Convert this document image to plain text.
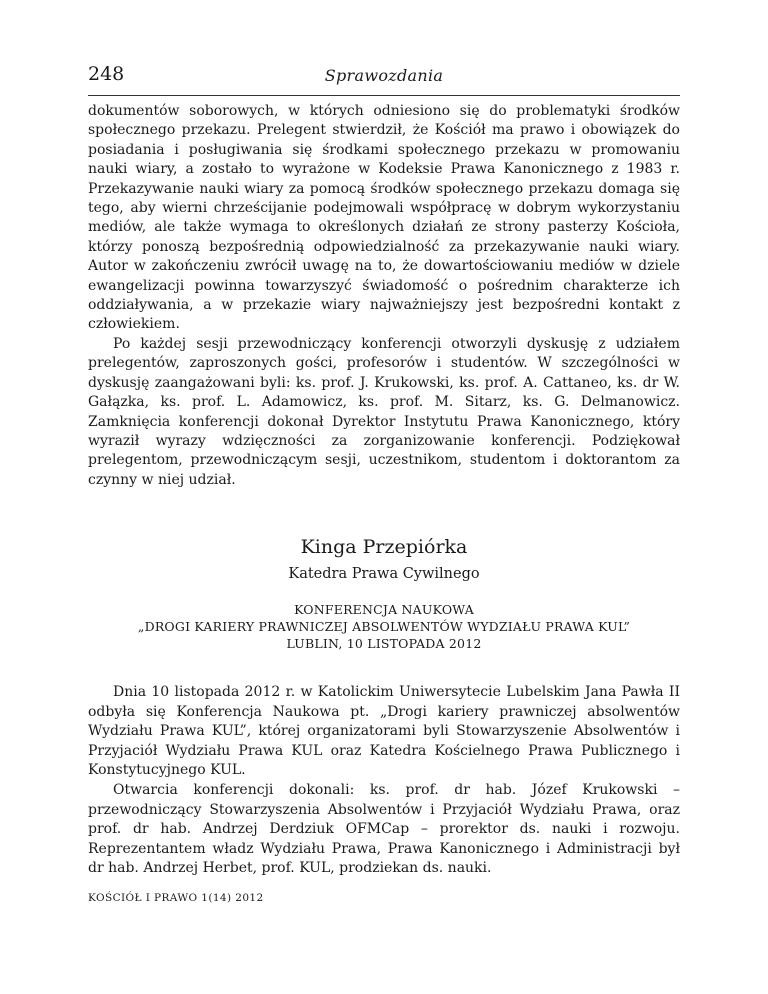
248	Sprawozdania

dokumentów soborowych, w których odniesiono się do problematyki środków społecznego przekazu. Prelegent stwierdził, że Kościół ma prawo i obowiązek do posiadania i posługiwania się środkami społecznego przekazu w promowaniu nauki wiary, a zostało to wyrażone w Kodeksie Prawa Kanonicznego z 1983 r. Przekazywanie nauki wiary za pomocą środków społecznego przekazu domaga się tego, aby wierni chrześcijanie podejmowali współpracę w dobrym wykorzystaniu mediów, ale także wymaga to określonych działań ze strony pasterzy Kościoła, którzy ponoszą bezpośrednią odpowiedzialność za przekazywanie nauki wiary. Autor w zakończeniu zwrócił uwagę na to, że dowartościowaniu mediów w dziele ewangelizacji powinna towarzyszyć świadomość o pośrednim charakterze ich oddziaływania, a w przekazie wiary najważniejszy jest bezpośredni kontakt z człowiekiem.

Po każdej sesji przewodniczący konferencji otworzyli dyskusję z udziałem prelegentów, zaproszonych gości, profesorów i studentów. W szczególności w dyskusję zaangażowani byli: ks. prof. J. Krukowski, ks. prof. A. Cattaneo, ks. dr W. Gałązka, ks. prof. L. Adamowicz, ks. prof. M. Sitarz, ks. G. Delmanowicz. Zamknięcia konferencji dokonał Dyrektor Instytutu Prawa Kanonicznego, który wyraził wyrazy wdzięczności za zorganizowanie konferencji. Podziękował prelegentom, przewodniczącym sesji, uczestnikom, studentom i doktorantom za czynny w niej udział.

Kinga Przepiórka
Katedra Prawa Cywilnego
KONFERENCJA NAUKOWA
„DROGI KARIERY PRAWNICZEJ ABSOLWENTÓW WYDZIAŁU PRAWA KUL”
LUBLIN, 10 LISTOPADA 2012

Dnia 10 listopada 2012 r. w Katolickim Uniwersytecie Lubelskim Jana Pawła II odbyła się Konferencja Naukowa pt. „Drogi kariery prawniczej absolwentów Wydziału Prawa KUL”, której organizatorami byli Stowarzyszenie Absolwentów i Przyjaciół Wydziału Prawa KUL oraz Katedra Kościelnego Prawa Publicznego i Konstytucyjnego KUL.

Otwarcia konferencji dokonali: ks. prof. dr hab. Józef Krukowski – przewodniczący Stowarzyszenia Absolwentów i Przyjaciół Wydziału Prawa, oraz prof. dr hab. Andrzej Derdziuk OFMCap – prorektor ds. nauki i rozwoju. Reprezentantem władz Wydziału Prawa, Prawa Kanonicznego i Administracji był dr hab. Andrzej Herbet, prof. KUL, prodziekan ds. nauki.

KOŚCIÓŁ I PRAWO 1(14) 2012
